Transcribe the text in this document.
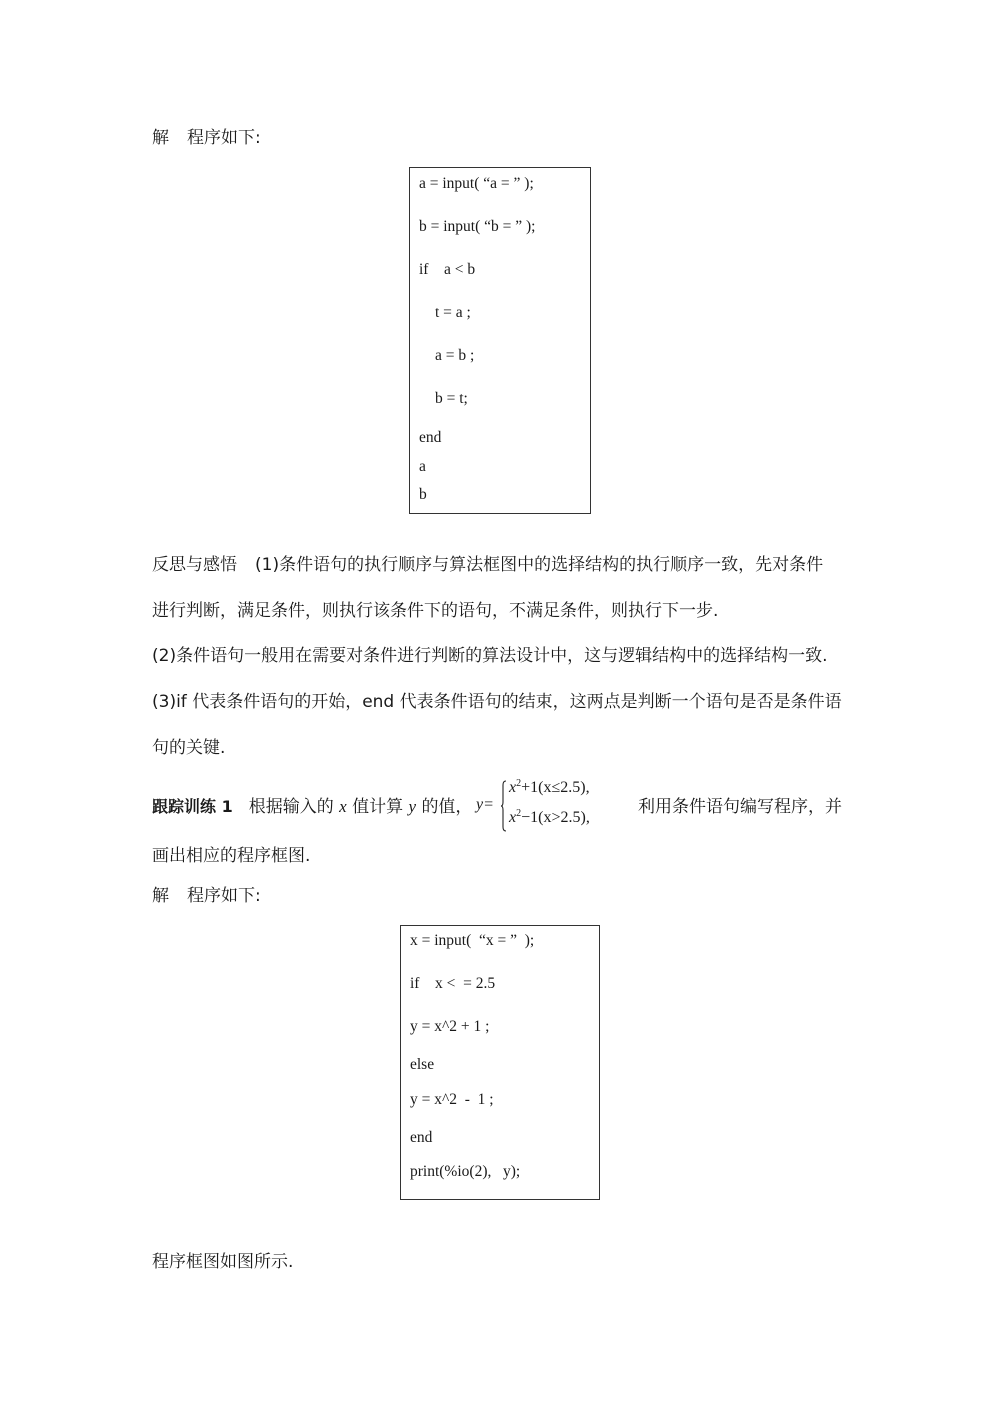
解 程序如下:
a = input( “a = ” );
b = input( “b = ” );
if    a < b
t = a ;
a = b ;
b = t;
end
a
b
反思与感悟 (1)条件语句的执行顺序与算法框图中的选择结构的执行顺序一致，先对条件
进行判断，满足条件，则执行该条件下的语句，不满足条件，则执行下一步.
(2)条件语句一般用在需要对条件进行判断的算法设计中，这与逻辑结构中的选择结构一致.
(3)if 代表条件语句的开始，end 代表条件语句的结束，这两点是判断一个语句是否是条件语
句的关键.
跟踪训练 1 根据输入的 x 值计算 y 的值， y=
$x^2+1(x\le 2.5)$,
$x^2-1(x>2.5)$,
利用条件语句编写程序，并
画出相应的程序框图.
解 程序如下:
x = input(  “x = ”  );
if    x <  = 2.5
y = x^2 + 1 ;
else
y = x^2  -  1 ;
end
print(%io(2),   y);
程序框图如图所示.
